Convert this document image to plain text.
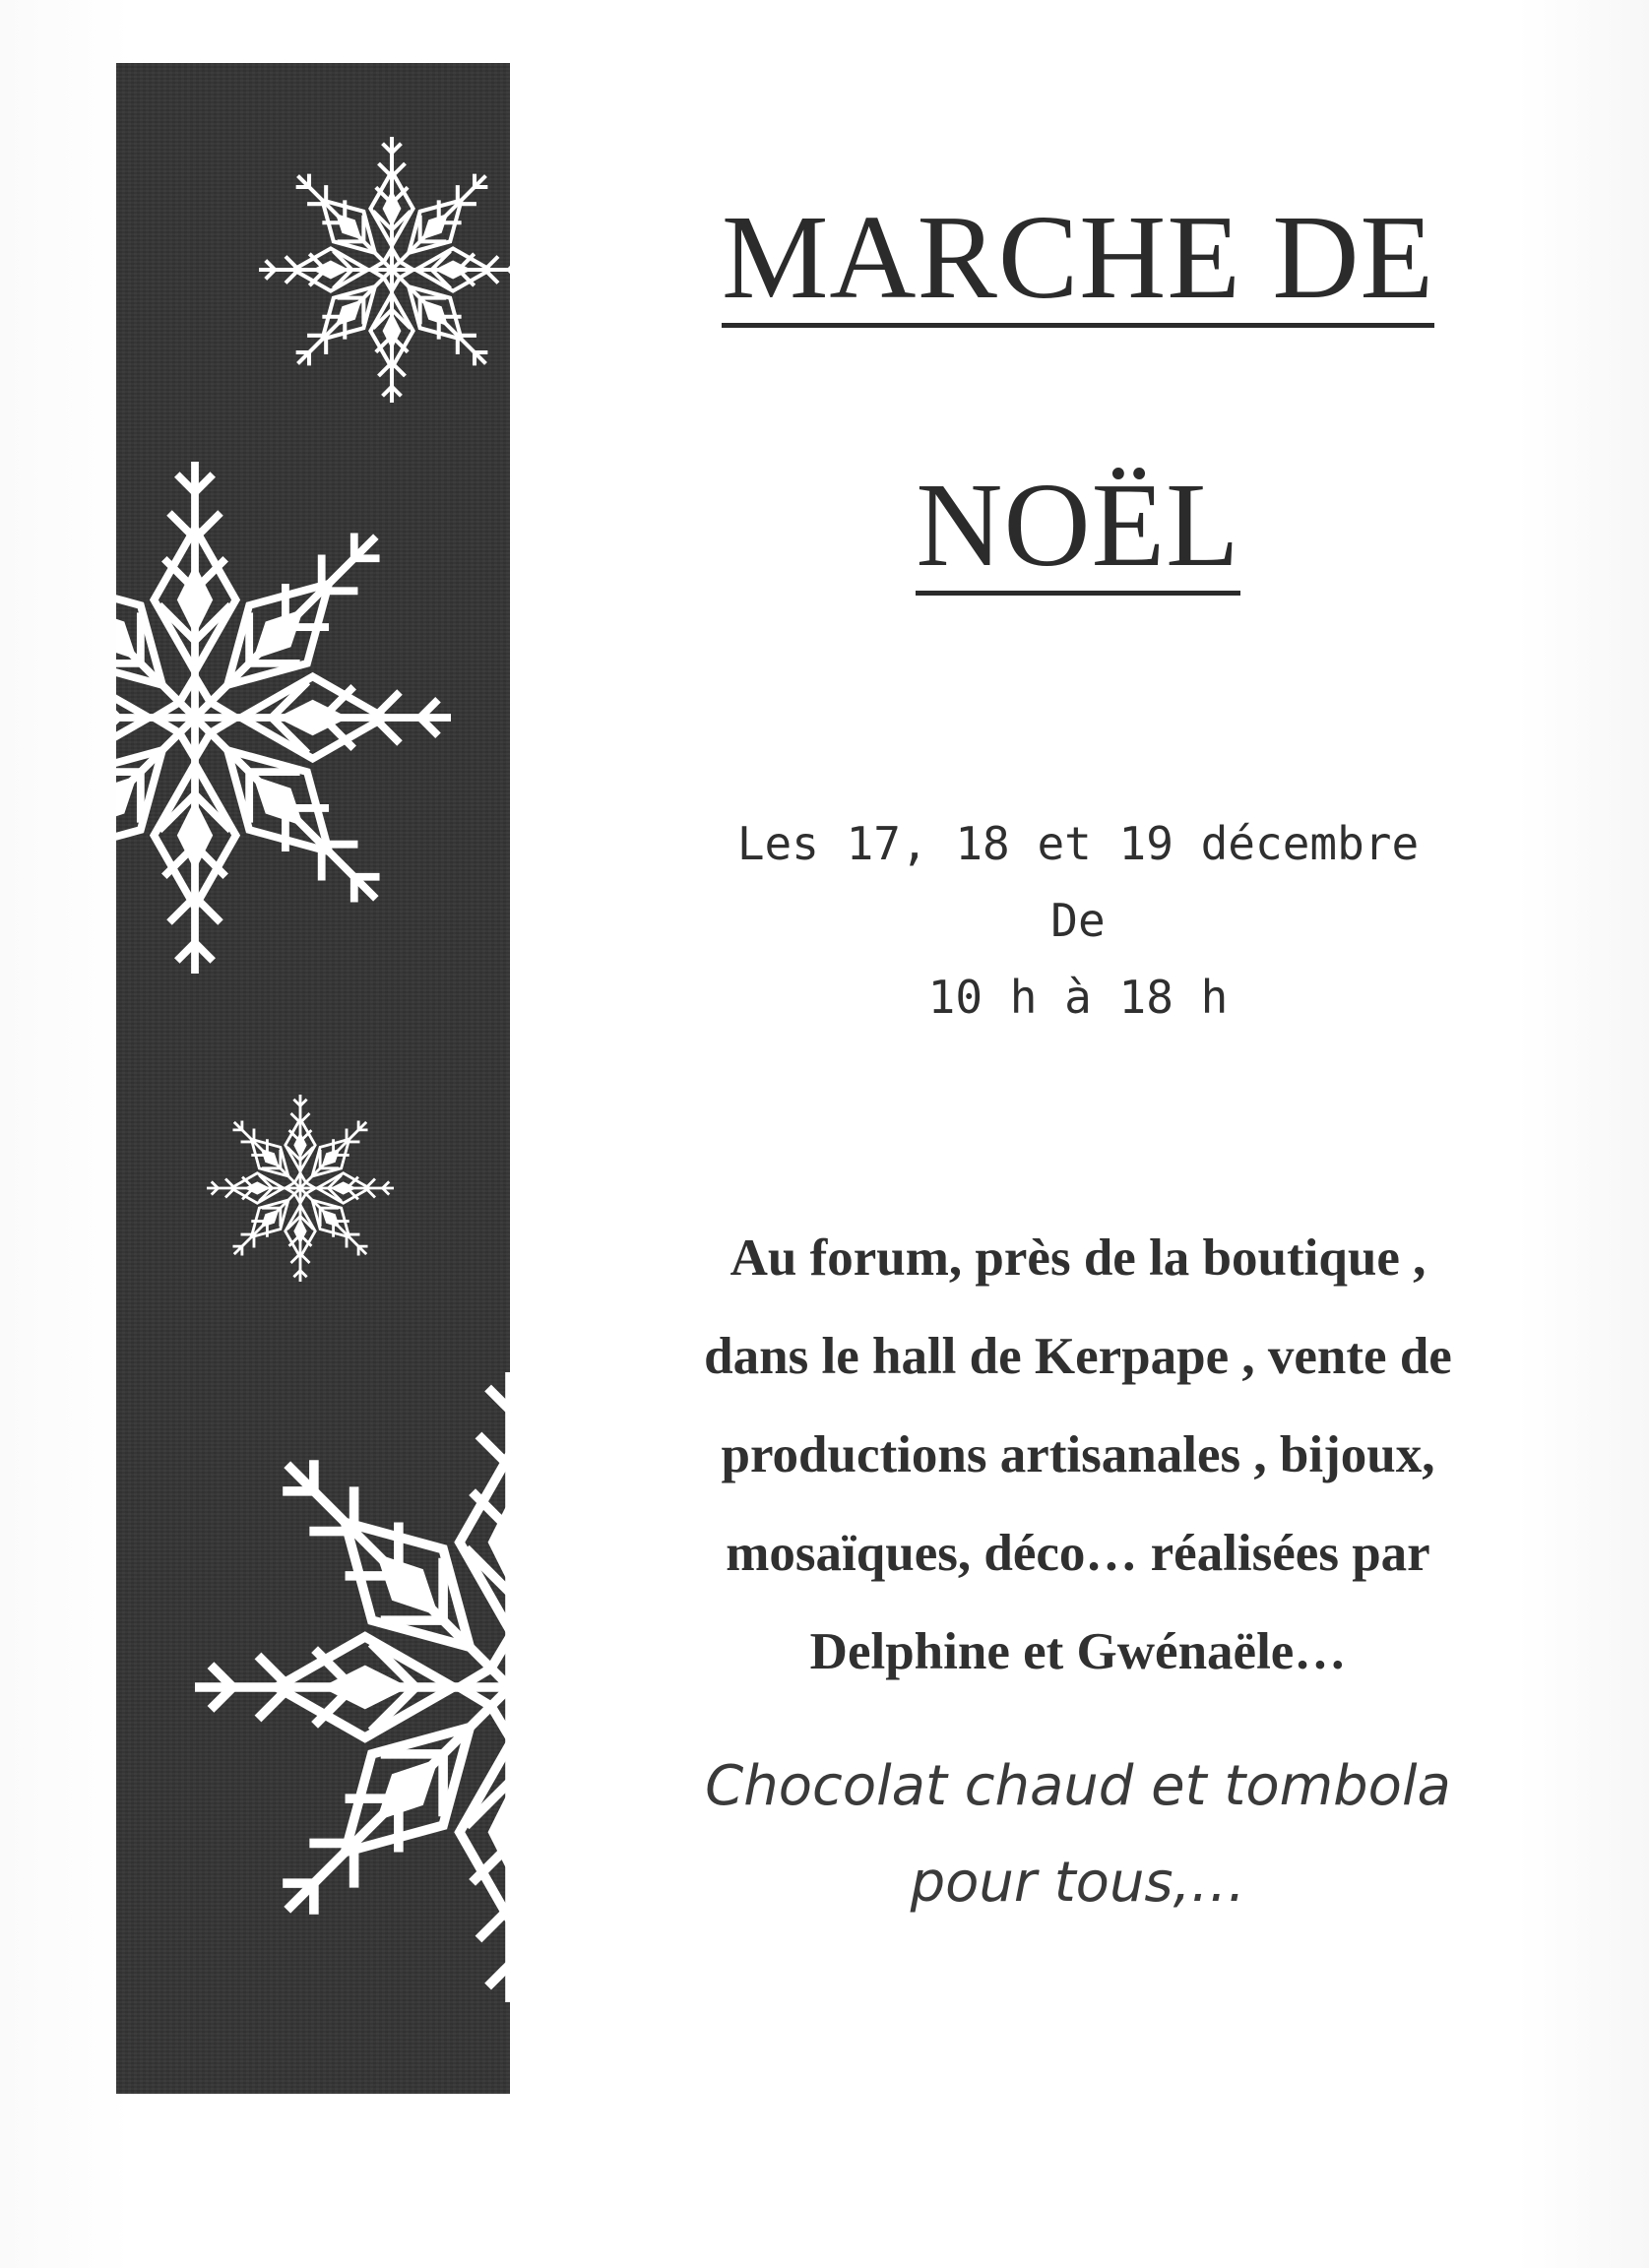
MARCHE DE
NOËL
Les 17, 18 et 19 décembre
De
10 h à 18 h
Au forum, près de la boutique ,
dans le hall de Kerpape , vente de
productions artisanales , bijoux,
mosaïques, déco… réalisées par
Delphine et Gwénaële…
Chocolat chaud et tombola
pour tous,…
